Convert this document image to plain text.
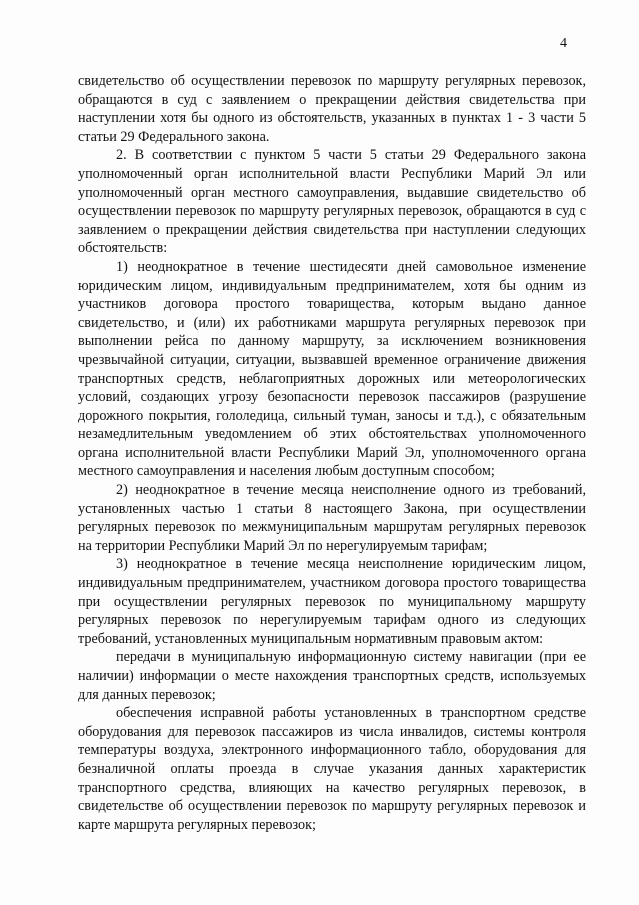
4

свидетельство об осуществлении перевозок по маршруту регулярных перевозок, обращаются в суд с заявлением о прекращении действия свидетельства при наступлении хотя бы одного из обстоятельств, указанных в пунктах 1 - 3 части 5 статьи 29 Федерального закона.

2. В соответствии с пунктом 5 части 5 статьи 29 Федерального закона уполномоченный орган исполнительной власти Республики Марий Эл или уполномоченный орган местного самоуправления, выдавшие свидетельство об осуществлении перевозок по маршруту регулярных перевозок, обращаются в суд с заявлением о прекращении действия свидетельства при наступлении следующих обстоятельств:

1) неоднократное в течение шестидесяти дней самовольное изменение юридическим лицом, индивидуальным предпринимателем, хотя бы одним из участников договора простого товарищества, которым выдано данное свидетельство, и (или) их работниками маршрута регулярных перевозок при выполнении рейса по данному маршруту, за исключением возникновения чрезвычайной ситуации, ситуации, вызвавшей временное ограничение движения транспортных средств, неблагоприятных дорожных или метеорологических условий, создающих угрозу безопасности перевозок пассажиров (разрушение дорожного покрытия, гололедица, сильный туман, заносы и т.д.), с обязательным незамедлительным уведомлением об этих обстоятельствах уполномоченного органа исполнительной власти Республики Марий Эл, уполномоченного органа местного самоуправления и населения любым доступным способом;

2) неоднократное в течение месяца неисполнение одного из требований, установленных частью 1 статьи 8 настоящего Закона, при осуществлении регулярных перевозок по межмуниципальным маршрутам регулярных перевозок на территории Республики Марий Эл по нерегулируемым тарифам;

3) неоднократное в течение месяца неисполнение юридическим лицом, индивидуальным предпринимателем, участником договора простого товарищества при осуществлении регулярных перевозок по муниципальному маршруту регулярных перевозок по нерегулируемым тарифам одного из следующих требований, установленных муниципальным нормативным правовым актом:

передачи в муниципальную информационную систему навигации (при ее наличии) информации о месте нахождения транспортных средств, используемых для данных перевозок;

обеспечения исправной работы установленных в транспортном средстве оборудования для перевозок пассажиров из числа инвалидов, системы контроля температуры воздуха, электронного информационного табло, оборудования для безналичной оплаты проезда в случае указания данных характеристик транспортного средства, влияющих на качество регулярных перевозок, в свидетельстве об осуществлении перевозок по маршруту регулярных перевозок и карте маршрута регулярных перевозок;
